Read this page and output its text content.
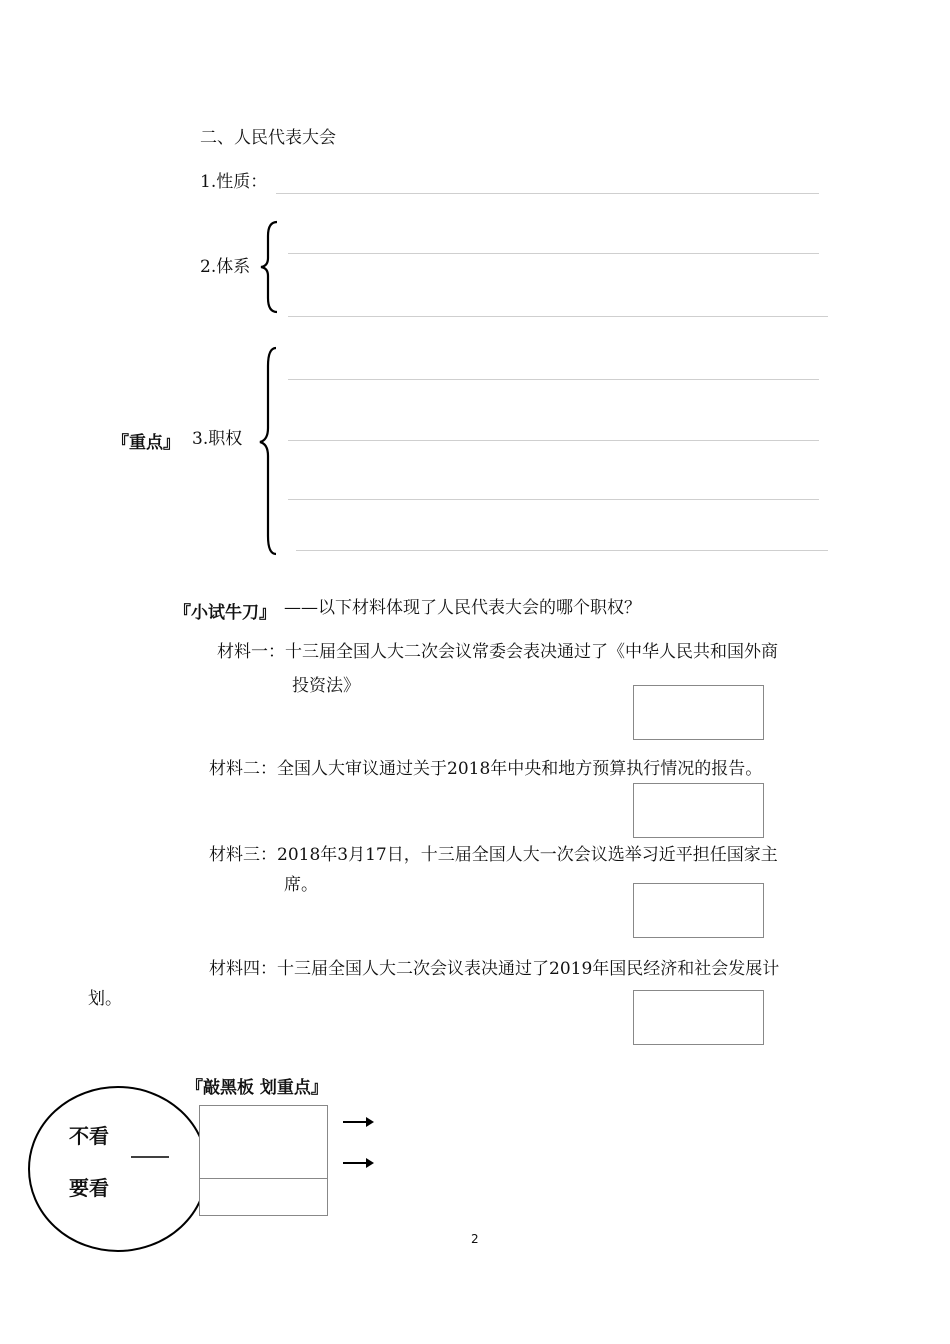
二、人民代表大会
1.性质：
2.体系
『重点』 3.职权
『小试牛刀』 ——以下材料体现了人民代表大会的哪个职权？
材料一：十三届全国人大二次会议常委会表决通过了《中华人民共和国外商
投资法》
材料二：全国人大审议通过关于2018年中央和地方预算执行情况的报告。
材料三：2018年3月17日，十三届全国人大一次会议选举习近平担任国家主
席。
材料四：十三届全国人大二次会议表决通过了2019年国民经济和社会发展计
划。
『敲黑板 划重点』
不看
要看
2
